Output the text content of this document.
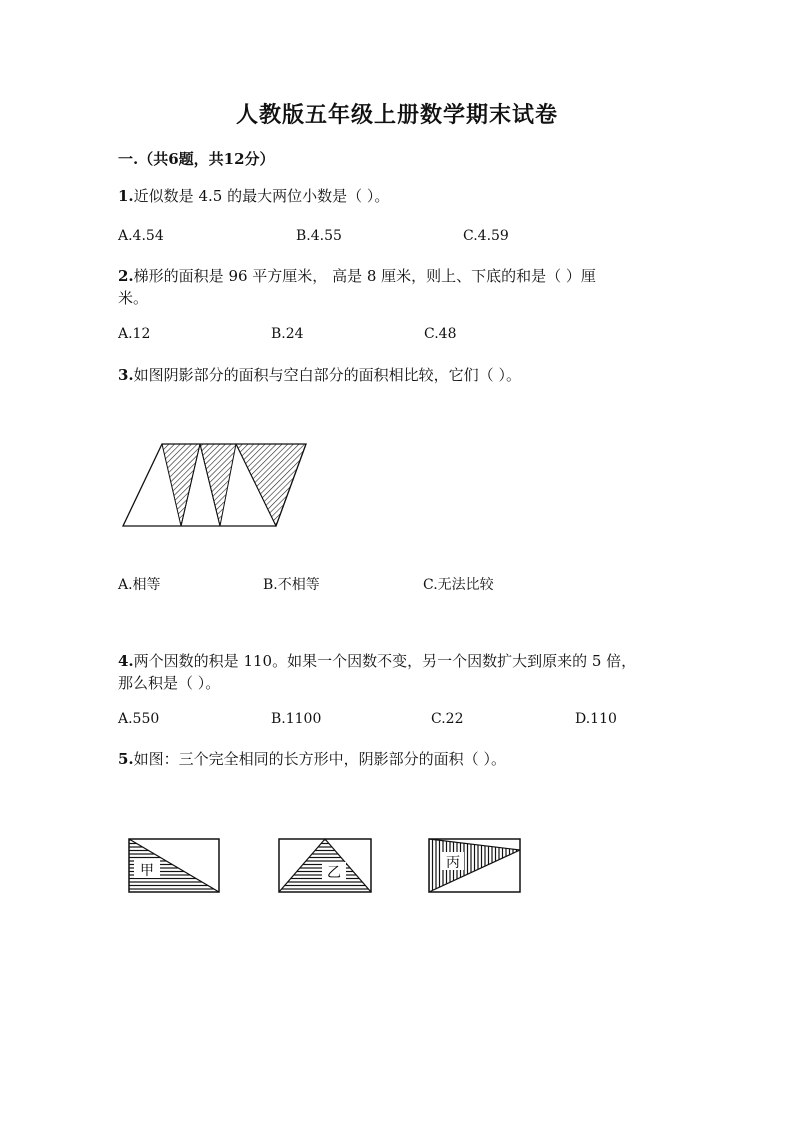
人教版五年级上册数学期末试卷
一.（共6题，共12分）
1.近似数是 4.5 的最大两位小数是（ ）。
A.4.54	B.4.55	C.4.59
2.梯形的面积是 96 平方厘米， 高是 8 厘米，则上、下底的和是（ ）厘
米。
A.12	B.24	C.48
3.如图阴影部分的面积与空白部分的面积相比较，它们（ ）。
A.相等	B.不相等	C.无法比较
4.两个因数的积是 110。如果一个因数不变，另一个因数扩大到原来的 5 倍，
那么积是（ ）。
A.550	B.1100	C.22	D.110
5.如图：三个完全相同的长方形中，阴影部分的面积（ ）。
甲	乙
丙
